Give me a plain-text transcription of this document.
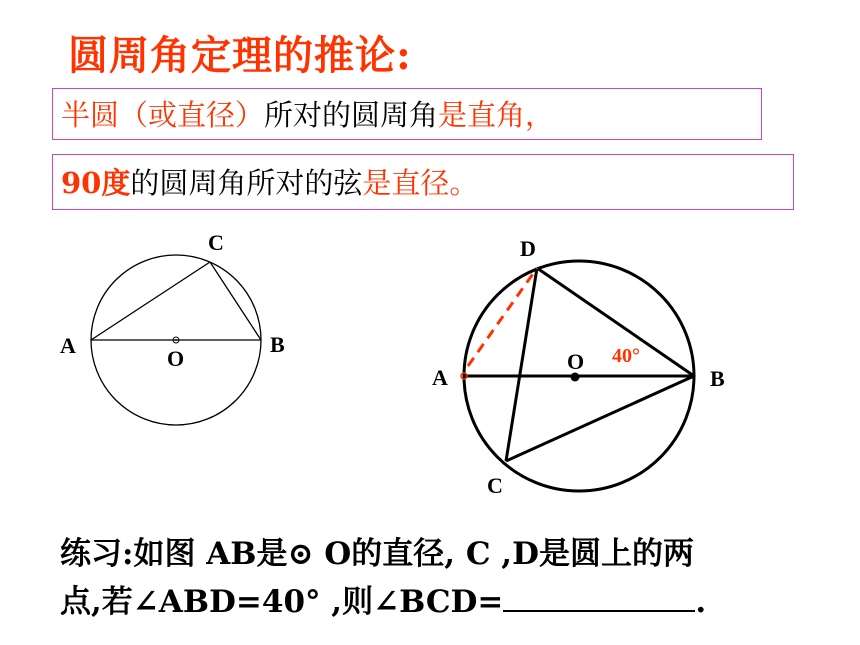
圆周角定理的推论:
半圆（或直径）所对的圆周角是直角，
90度的圆周角所对的弦是直径。
C
A	B
O
D
O 40°
A	B
C
练习:如图 AB是⊙ O的直径, C ,D是圆上的两
点,若∠ABD=40° ,则∠BCD=	.
